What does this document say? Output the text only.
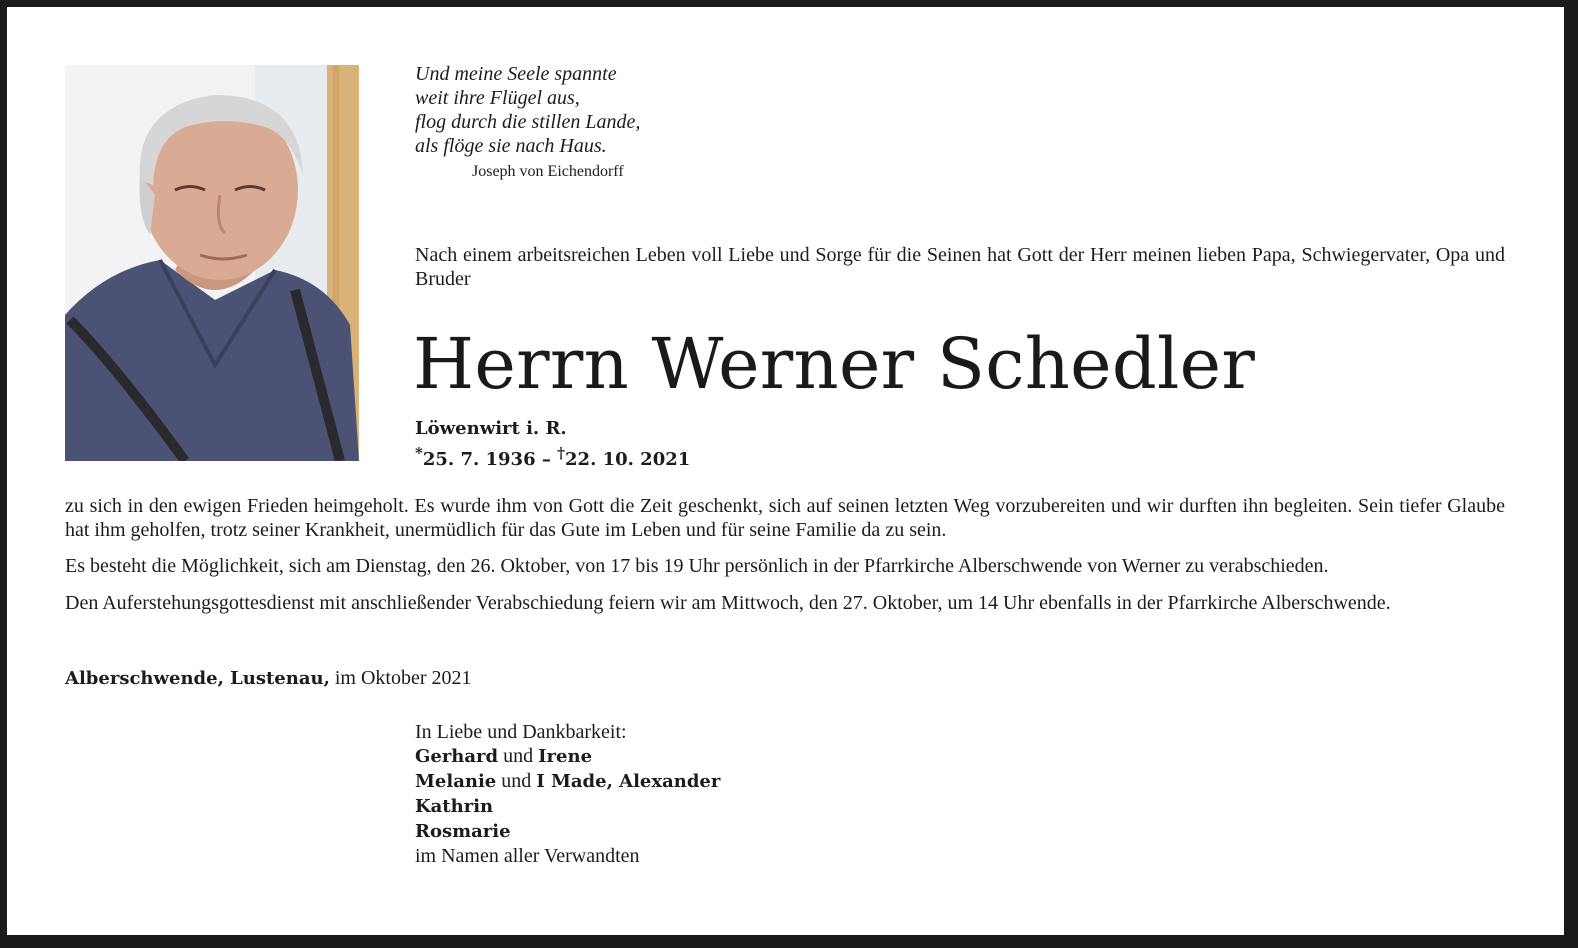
Und meine Seele spannte
weit ihre Flügel aus,
flog durch die stillen Lande,
als flöge sie nach Haus.
Joseph von Eichendorff
Nach einem arbeitsreichen Leben voll Liebe und Sorge für die Seinen hat Gott der Herr meinen lieben Papa, Schwiegervater, Opa und Bruder
Herrn Werner Schedler
Löwenwirt i. R.
*25. 7. 1936 – †22. 10. 2021
zu sich in den ewigen Frieden heimgeholt. Es wurde ihm von Gott die Zeit geschenkt, sich auf seinen letzten Weg vorzubereiten und wir durften ihn begleiten. Sein tiefer Glaube hat ihm geholfen, trotz seiner Krankheit, unermüdlich für das Gute im Leben und für seine Familie da zu sein.
Es besteht die Möglichkeit, sich am Dienstag, den 26. Oktober, von 17 bis 19 Uhr persönlich in der Pfarrkirche Alberschwende von Werner zu verabschieden.
Den Auferstehungsgottesdienst mit anschließender Verabschiedung feiern wir am Mittwoch, den 27. Oktober, um 14 Uhr ebenfalls in der Pfarrkirche Alberschwende.
Alberschwende, Lustenau, im Oktober 2021
In Liebe und Dankbarkeit:
Gerhard und Irene
Melanie und I Made, Alexander
Kathrin
Rosmarie
im Namen aller Verwandten
